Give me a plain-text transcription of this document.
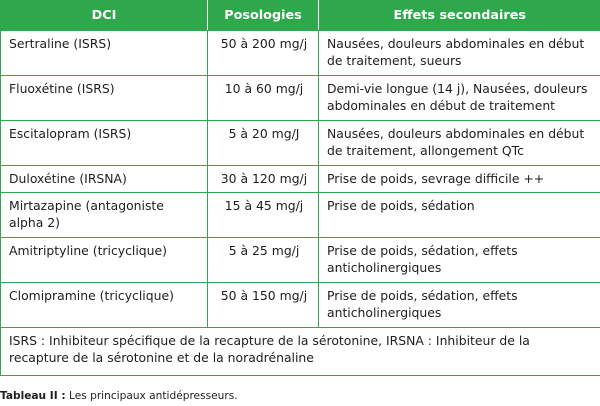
DCI	Posologies	Effets secondaires
Sertraline (ISRS)	50 à 200 mg/j	Nausées, douleurs abdominales en début de traitement, sueurs
Fluoxétine (ISRS)	10 à 60 mg/j	Demi-vie longue (14 j), Nausées, douleurs abdominales en début de traitement
Escitalopram (ISRS)	5 à 20 mg/J	Nausées, douleurs abdominales en début de traitement, allongement QTc
Duloxétine (IRSNA)	30 à 120 mg/j	Prise de poids, sevrage difficile ++
Mirtazapine (antagoniste alpha 2)	15 à 45 mg/j	Prise de poids, sédation
Amitriptyline (tricyclique)	5 à 25 mg/j	Prise de poids, sédation, effets anticholinergiques
Clomipramine (tricyclique)	50 à 150 mg/j	Prise de poids, sédation, effets anticholinergiques
ISRS : Inhibiteur spécifique de la recapture de la sérotonine, IRSNA : Inhibiteur de la recapture de la sérotonine et de la noradrénaline		
Tableau II : Les principaux antidépresseurs.
